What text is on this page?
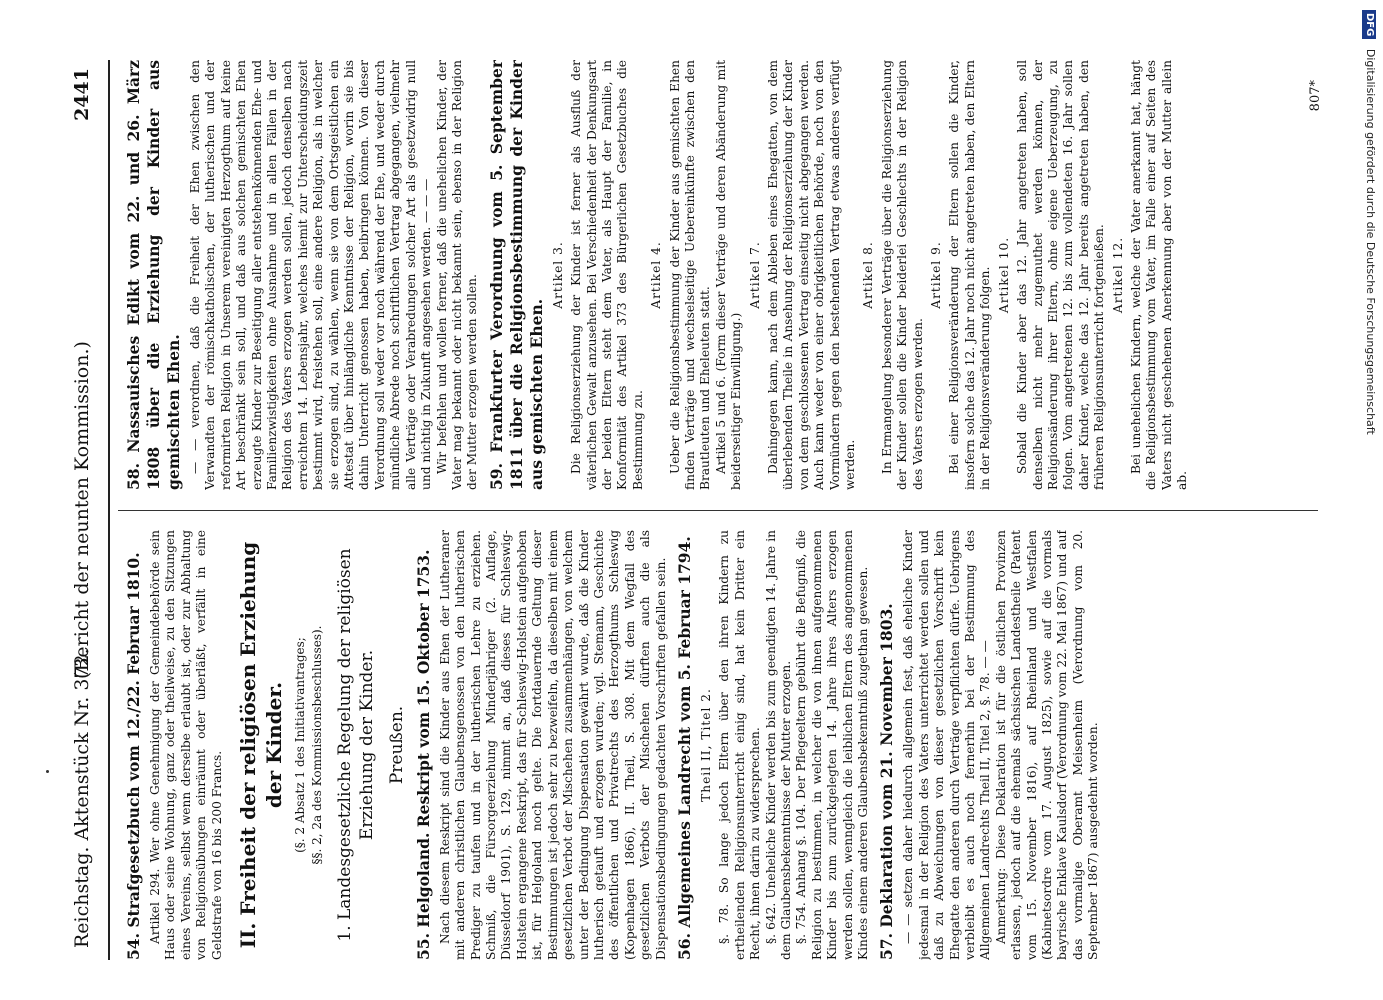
Reichstag. Aktenstück Nr. 372.
(Bericht der neunten Kommission.)
2441
54. Strafgesetzbuch vom 12./22. Februar 1810. Artikel 294. Wer ohne Genehmigung der Gemeindebehörde sein Haus oder seine Wohnung, ganz oder theilweise, zu den Sitzungen eines Vereins, selbst wenn derselbe erlaubt ist, oder zur Abhaltung von Religionsübungen einräumt oder überläßt, verfällt in eine Geldstrafe von 16 bis 200 Francs. II. Freiheit der religiösen Erziehung der Kinder. (§. 2 Absatz 1 des Initiativantrages; §§. 2, 2a des Kommissionsbeschlusses). 1. Landesgesetzliche Regelung der religiösen Erziehung der Kinder. Preußen. 55. Helgoland. Reskript vom 15. Oktober 1753. Nach diesem Reskript sind die Kinder aus Ehen der Lutheraner mit anderen christlichen Glaubensgenossen von den lutherischen Prediger zu taufen und in der lutherischen Lehre zu erziehen. Schmiß, die Fürsorgeerziehung Minderjähriger (2. Auflage, Düsseldorf 1901), S. 129, nimmt an, daß dieses für Schleswig-Holstein ergangene Reskript, das für Schleswig-Holstein aufgehoben ist, für Helgoland noch gelte. Die fortdauernde Geltung dieser Bestimmungen ist jedoch sehr zu bezweifeln, da dieselben mit einem gesetzlichen Verbot der Mischehen zusammenhängen, von welchem unter der Bedingung Dispensation gewährt wurde, daß die Kinder lutherisch getauft und erzogen wurden; vgl. Stemann, Geschichte des öffentlichen und Privatrechts des Herzogthums Schleswig (Kopenhagen 1866), II. Theil, S. 308. Mit dem Wegfall des gesetzlichen Verbots der Mischehen dürften auch die als Dispensationsbedingungen gedachten Vorschriften gefallen sein. 56. Allgemeines Landrecht vom 5. Februar 1794. Theil II, Titel 2. §. 78. So lange jedoch Eltern über den ihren Kindern zu ertheilenden Religionsunterricht einig sind, hat kein Dritter ein Recht, ihnen darin zu widersprechen. §. 642. Uneheliche Kinder werden bis zum geendigten 14. Jahre in dem Glaubensbekenntnisse der Mutter erzogen. §. 754. Anhang §. 104. Der Pflegeeltern gebührt die Befugniß, die Religion zu bestimmen, in welcher die von ihnen aufgenommenen Kinder bis zum zurückgelegten 14. Jahre ihres Alters erzogen werden sollen, wenngleich die leiblichen Eltern des angenommenen Kindes einem anderen Glaubensbekenntniß zugethan gewesen. 57. Deklaration vom 21. November 1803. — — setzen daher hiedurch allgemein fest, daß eheliche Kinder jedesmal in der Religion des Vaters unterrichtet werden sollen und daß zu Abweichungen von dieser gesetzlichen Vorschrift kein Ehegatte den anderen durch Verträge verpflichten dürfe. Uebrigens verbleibt es auch noch fernerhin bei der Bestimmung des Allgemeinen Landrechts Theil II, Titel 2, §. 78. — — Anmerkung: Diese Deklaration ist für die östlichen Provinzen erlassen, jedoch auf die ehemals sächsischen Landestheile (Patent vom 15. November 1816), auf Rheinland und Westfalen (Kabinetsordre vom 17. August 1825), sowie auf die vormals bayrische Enklave Kaulsdorf (Verordnung vom 22. Mai 1867) und auf das vormalige Oberamt Meisenheim (Verordnung vom 20. September 1867) ausgedehnt worden.

58. Nassauisches Edikt vom 22. und 26. März 1808 über die Erziehung der Kinder aus gemischten Ehen. — — verordnen, daß die Freiheit der Ehen zwischen den Verwandten der römischkatholischen, der lutherischen und der reformirten Religion in Unserem vereinigten Herzogthum auf keine Art beschränkt sein soll, und daß aus solchen gemischten Ehen erzeugte Kinder zur Beseitigung aller entstehenkönnenden Ehe- und Familienzwistigkeiten ohne Ausnahme und in allen Fällen in der Religion des Vaters erzogen werden sollen, jedoch denselben nach erreichtem 14. Lebensjahr, welches hiemit zur Unterscheidungszeit bestimmt wird, freistehen soll, eine andere Religion, als in welcher sie erzogen sind, zu wählen, wenn sie von dem Ortsgeistlichen ein Attestat über hinlängliche Kenntnisse der Religion, worin sie bis dahin Unterricht genossen haben, beibringen können. Von dieser Verordnung soll weder vor noch während der Ehe, und weder durch mündliche Abrede noch schriftlichen Vertrag abgegangen, vielmehr alle Verträge oder Verabredungen solcher Art als gesetzwidrig null und nichtig in Zukunft angesehen werden. — — — Wir befehlen und wollen ferner, daß die unehelichen Kinder, der Vater mag bekannt oder nicht bekannt sein, ebenso in der Religion der Mutter erzogen werden sollen. 59. Frankfurter Verordnung vom 5. September 1811 über die Religionsbestimmung der Kinder aus gemischten Ehen.
Artikel 3. Die Religionserziehung der Kinder ist ferner als Ausfluß der väterlichen Gewalt anzusehen. Bei Verschiedenheit der Denkungsart der beiden Eltern steht dem Vater, als Haupt der Familie, in Konformität des Artikel 373 des Bürgerlichen Gesetzbuches die Bestimmung zu.

Artikel 4. Ueber die Religionsbestimmung der Kinder aus gemischten Ehen finden Verträge und wechselseitige Uebereinkünfte zwischen den Brautleuten und Eheleuten statt. Artikel 5 und 6. (Form dieser Verträge und deren Abänderung mit beiderseitiger Einwilligung.)

Artikel 7. Dahingegen kann, nach dem Ableben eines Ehegatten, von dem überlebenden Theile in Ansehung der Religionserziehung der Kinder von dem geschlossenen Vertrag einseitig nicht abgegangen werden. Auch kann weder von einer obrigkeitlichen Behörde, noch von den Vormündern gegen den bestehenden Vertrag etwas anderes verfügt werden.

Artikel 8. In Ermangelung besonderer Verträge über die Religionserziehung der Kinder sollen die Kinder beiderlei Geschlechts in der Religion des Vaters erzogen werden.

Artikel 9. Bei einer Religionsveränderung der Eltern sollen die Kinder, insofern solche das 12. Jahr noch nicht angetreten haben, den Eltern in der Religionsveränderung folgen. Artikel 10. Sobald die Kinder aber das 12. Jahr angetreten haben, soll denselben nicht mehr zugemuthet werden können, der Religionsänderung ihrer Eltern, ohne eigene Ueberzeugung, zu folgen. Vom angetretenen 12. bis zum vollendeten 16. Jahr sollen daher Kinder, welche das 12. Jahr bereits angetreten haben, den früheren Religionsunterricht fortgenießen. Artikel 12. Bei unehelichen Kindern, welche der Vater anerkannt hat, hängt die Religionsbestimmung vom Vater, im Falle einer auf Seiten des Vaters nicht geschehenen Anerkennung aber von der Mutter allein ab.

807*
DFG Digitalisierung gefördert durch die Deutsche Forschungsgemeinschaft
